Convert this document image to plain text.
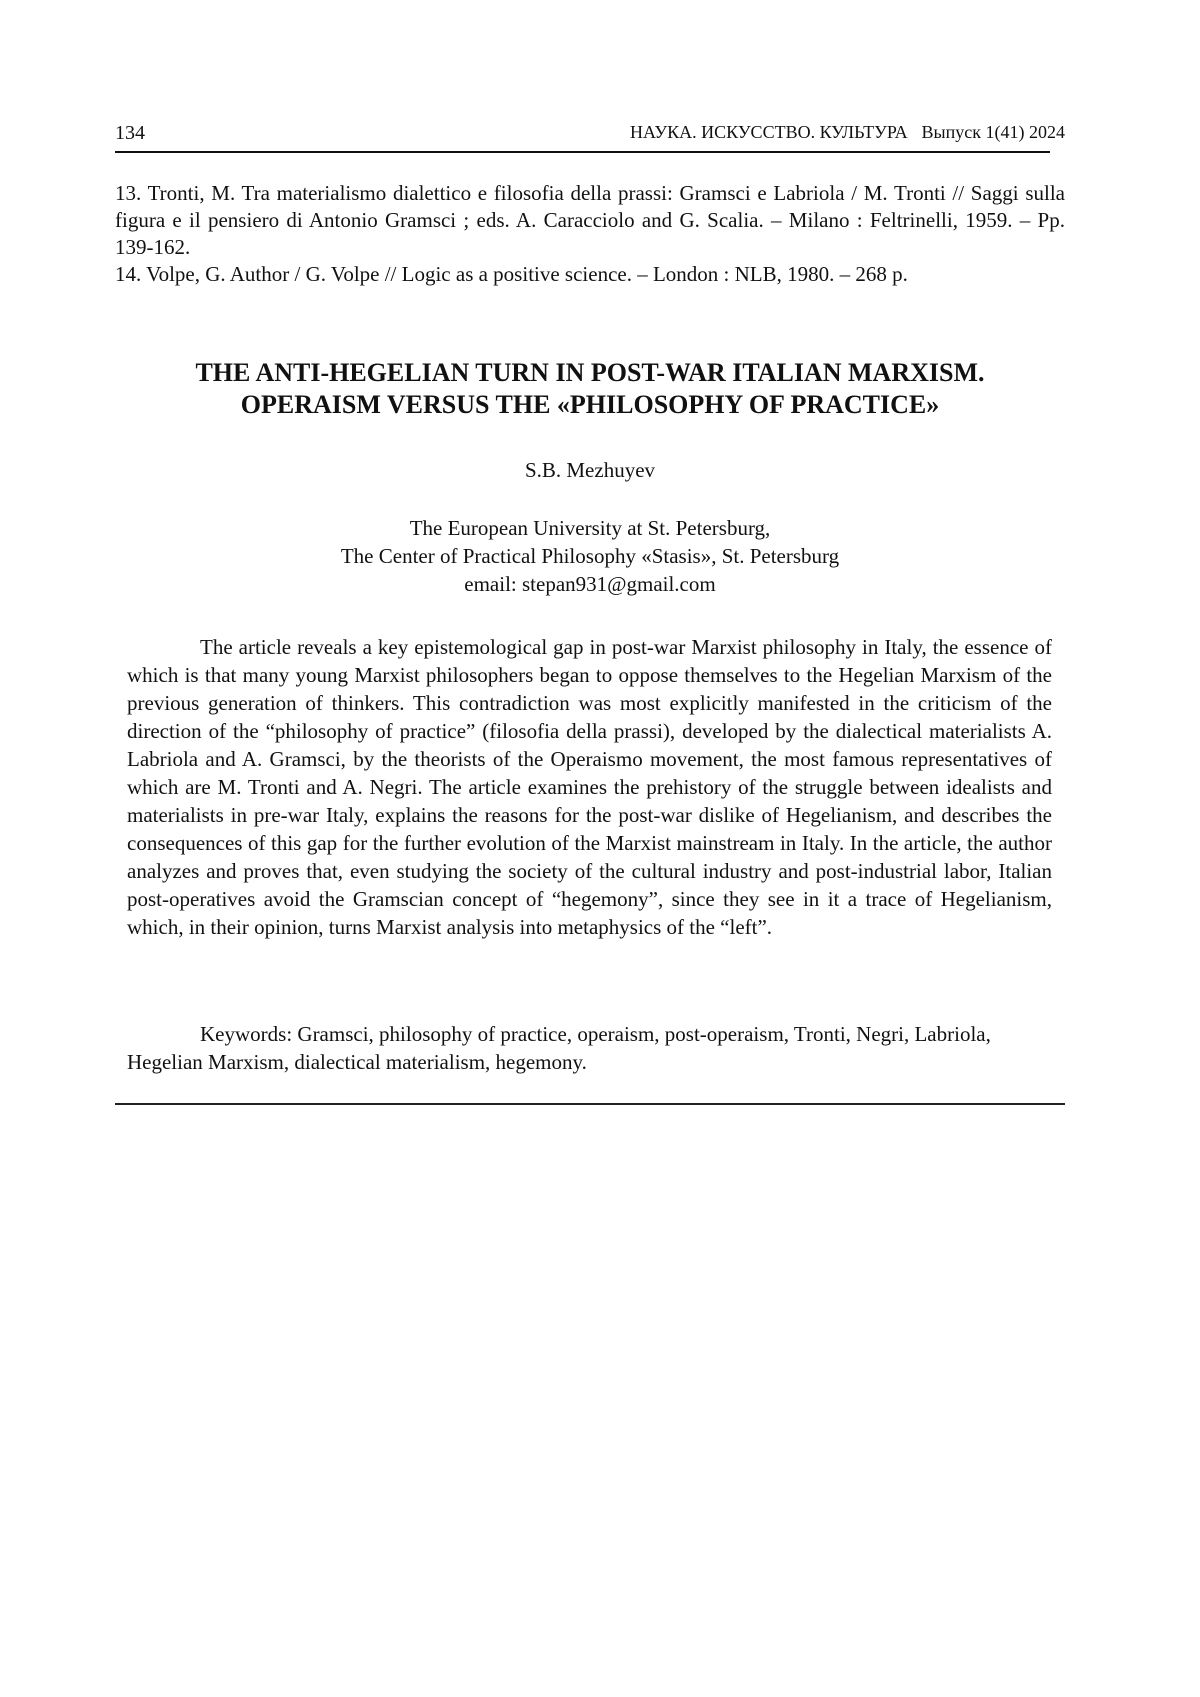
134	НАУКА. ИСКУССТВО. КУЛЬТУРА Выпуск 1(41) 2024

13. Tronti, M. Tra materialismo dialettico e filosofia della prassi: Gramsci e Labriola / M. Tronti // Saggi sulla figura e il pensiero di Antonio Gramsci ; eds. A. Caracciolo and G. Scalia. – Milano : Feltrinelli, 1959. – Pp. 139-162.

14. Volpe, G. Author / G. Volpe // Logic as a positive science. – London : NLB, 1980. – 268 p.

THE ANTI-HEGELIAN TURN IN POST-WAR ITALIAN MARXISM.
OPERAISM VERSUS THE «PHILOSOPHY OF PRACTICE»
S.B. Mezhuyev
The European University at St. Petersburg,
The Center of Practical Philosophy «Stasis», St. Petersburg
email: stepan931@gmail.com

The article reveals a key epistemological gap in post-war Marxist philosophy in Italy, the essence of which is that many young Marxist philosophers began to oppose themselves to the Hegelian Marxism of the previous generation of thinkers. This contradiction was most explicitly manifested in the criticism of the direction of the “philosophy of practice” (filosofia della prassi), developed by the dialectical materialists A. Labriola and A. Gramsci, by the theorists of the Operaismo movement, the most famous representatives of which are M. Tronti and A. Negri. The article examines the prehistory of the struggle between idealists and materialists in pre-war Italy, explains the reasons for the post-war dislike of Hegelianism, and describes the consequences of this gap for the further evolution of the Marxist mainstream in Italy. In the article, the author analyzes and proves that, even studying the society of the cultural industry and post-industrial labor, Italian post-operatives avoid the Gramscian concept of “hegemony”, since they see in it a trace of Hegelianism, which, in their opinion, turns Marxist analysis into metaphysics of the “left”.

Keywords: Gramsci, philosophy of practice, operaism, post-operaism, Tronti, Negri, Labriola, Hegelian Marxism, dialectical materialism, hegemony.
